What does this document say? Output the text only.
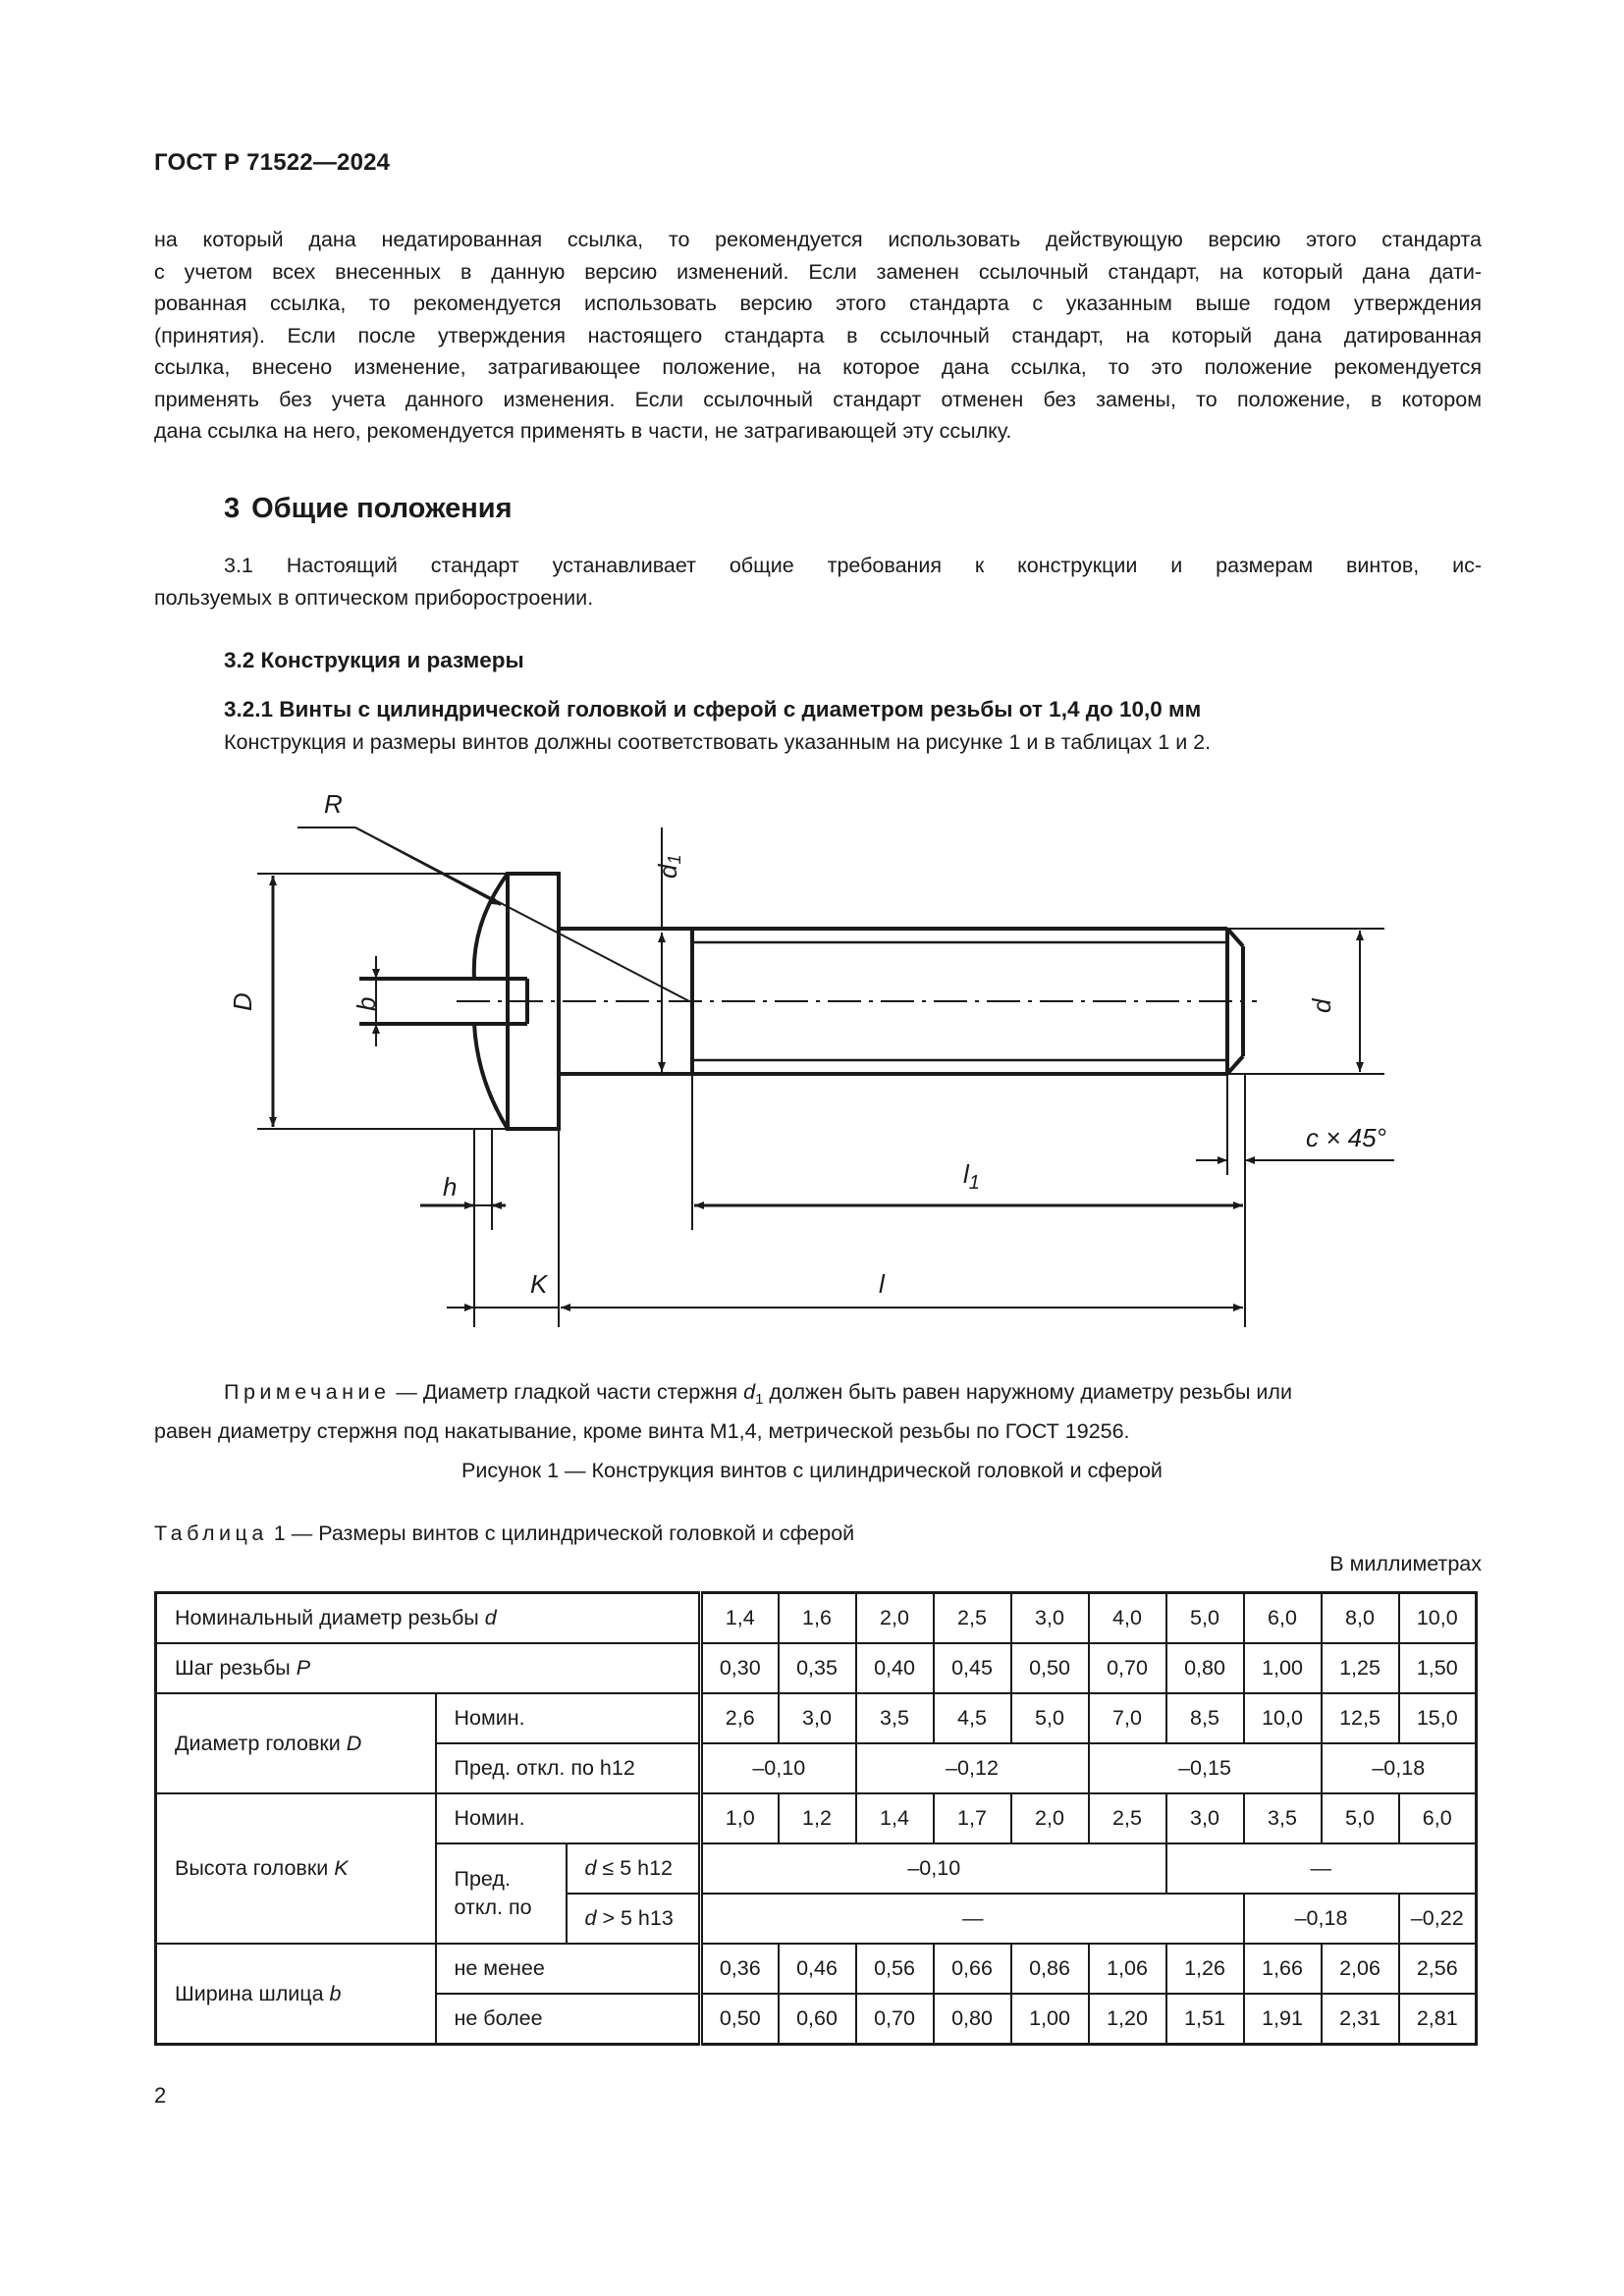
ГОСТ Р 71522—2024
на который дана недатированная ссылка, то рекомендуется использовать действующую версию этого стандарта
с учетом всех внесенных в данную версию изменений. Если заменен ссылочный стандарт, на который дана дати-
рованная ссылка, то рекомендуется использовать версию этого стандарта с указанным выше годом утверждения
(принятия). Если после утверждения настоящего стандарта в ссылочный стандарт, на который дана датированная
ссылка, внесено изменение, затрагивающее положение, на которое дана ссылка, то это положение рекомендуется
применять без учета данного изменения. Если ссылочный стандарт отменен без замены, то положение, в котором
дана ссылка на него, рекомендуется применять в части, не затрагивающей эту ссылку.
3 Общие положения
3.1 Настоящий стандарт устанавливает общие требования к конструкции и размерам винтов, ис-
пользуемых в оптическом приборостроении.
3.2 Конструкция и размеры
3.2.1 Винты с цилиндрической головкой и сферой с диаметром резьбы от 1,4 до 10,0 мм
Конструкция и размеры винтов должны соответствовать указанным на рисунке 1 и в таблицах 1 и 2.
R
D	b
d1
d
c × 45°
h	$l_1$
K	l
Примечание — Диаметр гладкой части стержня $d_1$ должен быть равен наружному диаметру резьбы или
равен диаметру стержня под накатывание, кроме винта М1,4, метрической резьбы по ГОСТ 19256.
Рисунок 1 — Конструкция винтов с цилиндрической головкой и сферой
Таблица 1 — Размеры винтов с цилиндрической головкой и сферой
В миллиметрах
Номинальный диаметр резьбы d			1,4	1,6	2,0	2,5	3,0	4,0	5,0	6,0	8,0	10,0
Шаг резьбы P			0,30	0,35	0,40	0,45	0,50	0,70	0,80	1,00	1,25	1,50
Диаметр головки D	Номин.		2,6	3,0	3,5	4,5	5,0	7,0	8,5	10,0	12,5	15,0
	Пред. откл. по h12		–0,10		–0,12			–0,15			–0,18	
Высота головки K	Номин.		1,0	1,2	1,4	1,7	2,0	2,5	3,0	3,5	5,0	6,0
	Пред.
откл. по	d ≤ 5 h12	–0,10						—			
		d > 5 h13	—							–0,18		–0,22
Ширина шлица b	не менее		0,36	0,46	0,56	0,66	0,86	1,06	1,26	1,66	2,06	2,56
	не более		0,50	0,60	0,70	0,80	1,00	1,20	1,51	1,91	2,31	2,81
2
